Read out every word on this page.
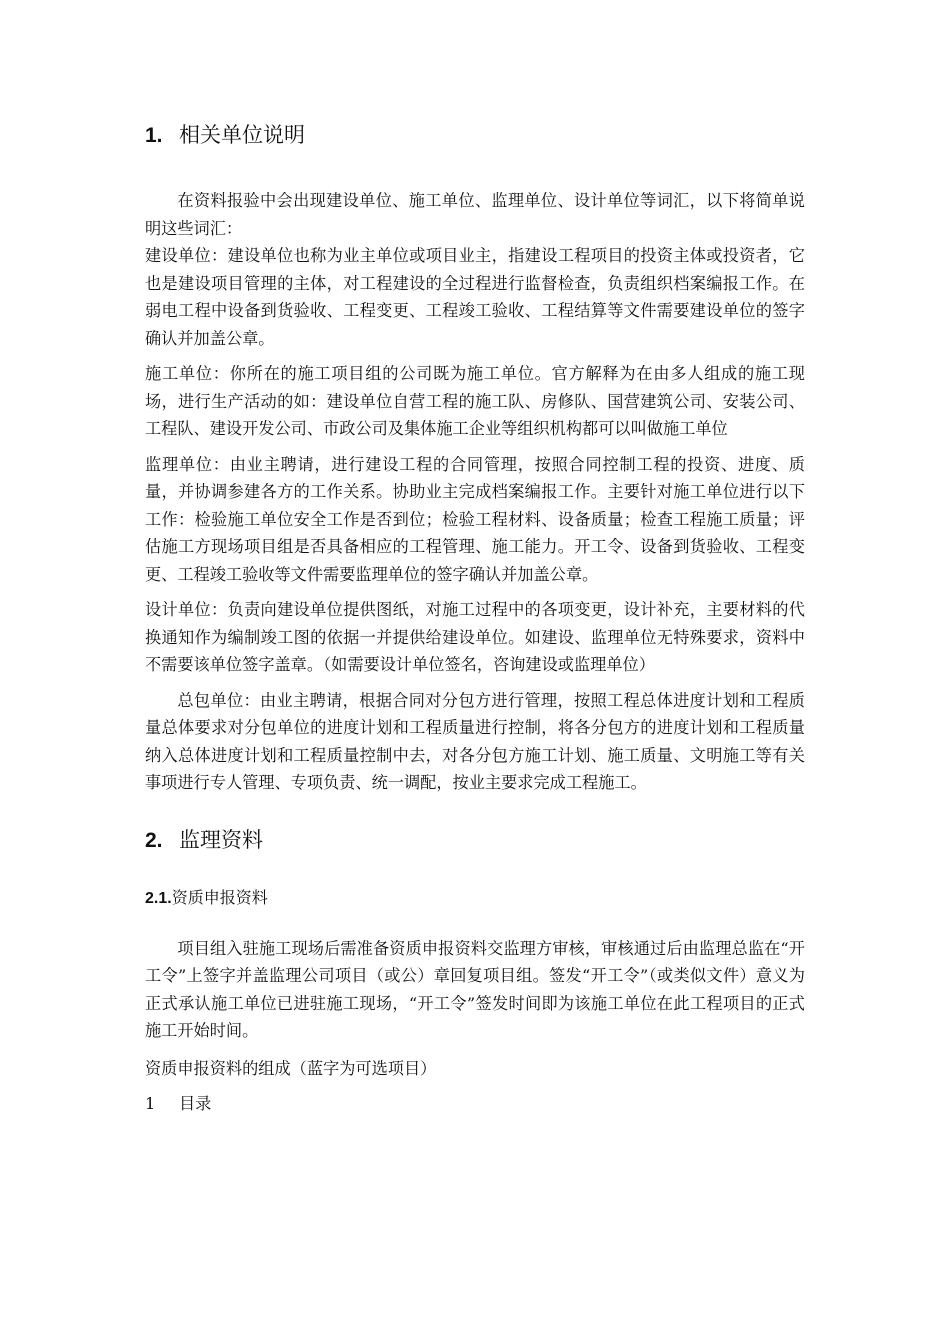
1. 相关单位说明

在资料报验中会出现建设单位、施工单位、监理单位、设计单位等词汇，以下将简单说明这些词汇：

建设单位：建设单位也称为业主单位或项目业主，指建设工程项目的投资主体或投资者，它也是建设项目管理的主体，对工程建设的全过程进行监督检查，负责组织档案编报工作。在弱电工程中设备到货验收、工程变更、工程竣工验收、工程结算等文件需要建设单位的签字确认并加盖公章。

施工单位：你所在的施工项目组的公司既为施工单位。官方解释为在由多人组成的施工现场，进行生产活动的如：建设单位自营工程的施工队、房修队、国营建筑公司、安装公司、工程队、建设开发公司、市政公司及集体施工企业等组织机构都可以叫做施工单位

监理单位：由业主聘请，进行建设工程的合同管理，按照合同控制工程的投资、进度、质量，并协调参建各方的工作关系。协助业主完成档案编报工作。主要针对施工单位进行以下工作：检验施工单位安全工作是否到位；检验工程材料、设备质量；检查工程施工质量；评估施工方现场项目组是否具备相应的工程管理、施工能力。开工令、设备到货验收、工程变更、工程竣工验收等文件需要监理单位的签字确认并加盖公章。

设计单位：负责向建设单位提供图纸，对施工过程中的各项变更，设计补充，主要材料的代换通知作为编制竣工图的依据一并提供给建设单位。如建设、监理单位无特殊要求，资料中不需要该单位签字盖章。（如需要设计单位签名，咨询建设或监理单位）

总包单位：由业主聘请，根据合同对分包方进行管理，按照工程总体进度计划和工程质量总体要求对分包单位的进度计划和工程质量进行控制，将各分包方的进度计划和工程质量纳入总体进度计划和工程质量控制中去，对各分包方施工计划、施工质量、文明施工等有关事项进行专人管理、专项负责、统一调配，按业主要求完成工程施工。

2. 监理资料
2.1. 资质申报资料

项目组入驻施工现场后需准备资质申报资料交监理方审核，审核通过后由监理总监在“开工令”上签字并盖监理公司项目（或公）章回复项目组。签发“开工令”（或类似文件）意义为正式承认施工单位已进驻施工现场，“开工令”签发时间即为该施工单位在此工程项目的正式施工开始时间。

资质申报资料的组成（蓝字为可选项目）

1	目录
